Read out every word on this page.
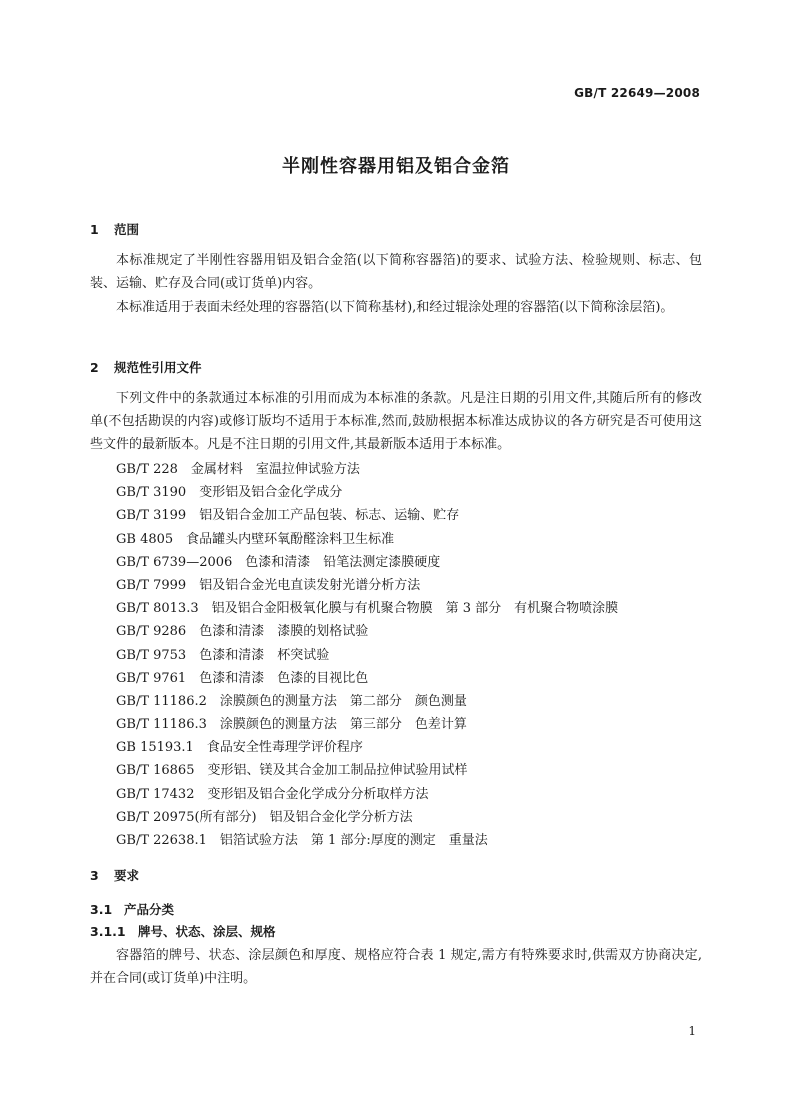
GB/T 22649—2008
半刚性容器用铝及铝合金箔
1 范围
本标准规定了半刚性容器用铝及铝合金箔(以下简称容器箔)的要求、试验方法、检验规则、标志、包装、运输、贮存及合同(或订货单)内容。
本标准适用于表面未经处理的容器箔(以下简称基材),和经过辊涂处理的容器箔(以下简称涂层箔)。
2 规范性引用文件
下列文件中的条款通过本标准的引用而成为本标准的条款。凡是注日期的引用文件,其随后所有的修改单(不包括勘误的内容)或修订版均不适用于本标准,然而,鼓励根据本标准达成协议的各方研究是否可使用这些文件的最新版本。凡是不注日期的引用文件,其最新版本适用于本标准。
GB/T 228　金属材料　室温拉伸试验方法
GB/T 3190　变形铝及铝合金化学成分
GB/T 3199　铝及铝合金加工产品包装、标志、运输、贮存
GB 4805　食品罐头内壁环氧酚醛涂料卫生标准
GB/T 6739—2006　色漆和清漆　铅笔法测定漆膜硬度
GB/T 7999　铝及铝合金光电直读发射光谱分析方法
GB/T 8013.3　铝及铝合金阳极氧化膜与有机聚合物膜　第 3 部分　有机聚合物喷涂膜
GB/T 9286　色漆和清漆　漆膜的划格试验
GB/T 9753　色漆和清漆　杯突试验
GB/T 9761　色漆和清漆　色漆的目视比色
GB/T 11186.2　涂膜颜色的测量方法　第二部分　颜色测量
GB/T 11186.3　涂膜颜色的测量方法　第三部分　色差计算
GB 15193.1　食品安全性毒理学评价程序
GB/T 16865　变形铝、镁及其合金加工制品拉伸试验用试样
GB/T 17432　变形铝及铝合金化学成分分析取样方法
GB/T 20975(所有部分)　铝及铝合金化学分析方法
GB/T 22638.1　铝箔试验方法　第 1 部分:厚度的测定　重量法
3 要求
3.1 产品分类
3.1.1 牌号、状态、涂层、规格
容器箔的牌号、状态、涂层颜色和厚度、规格应符合表 1 规定,需方有特殊要求时,供需双方协商决定,并在合同(或订货单)中注明。
1
